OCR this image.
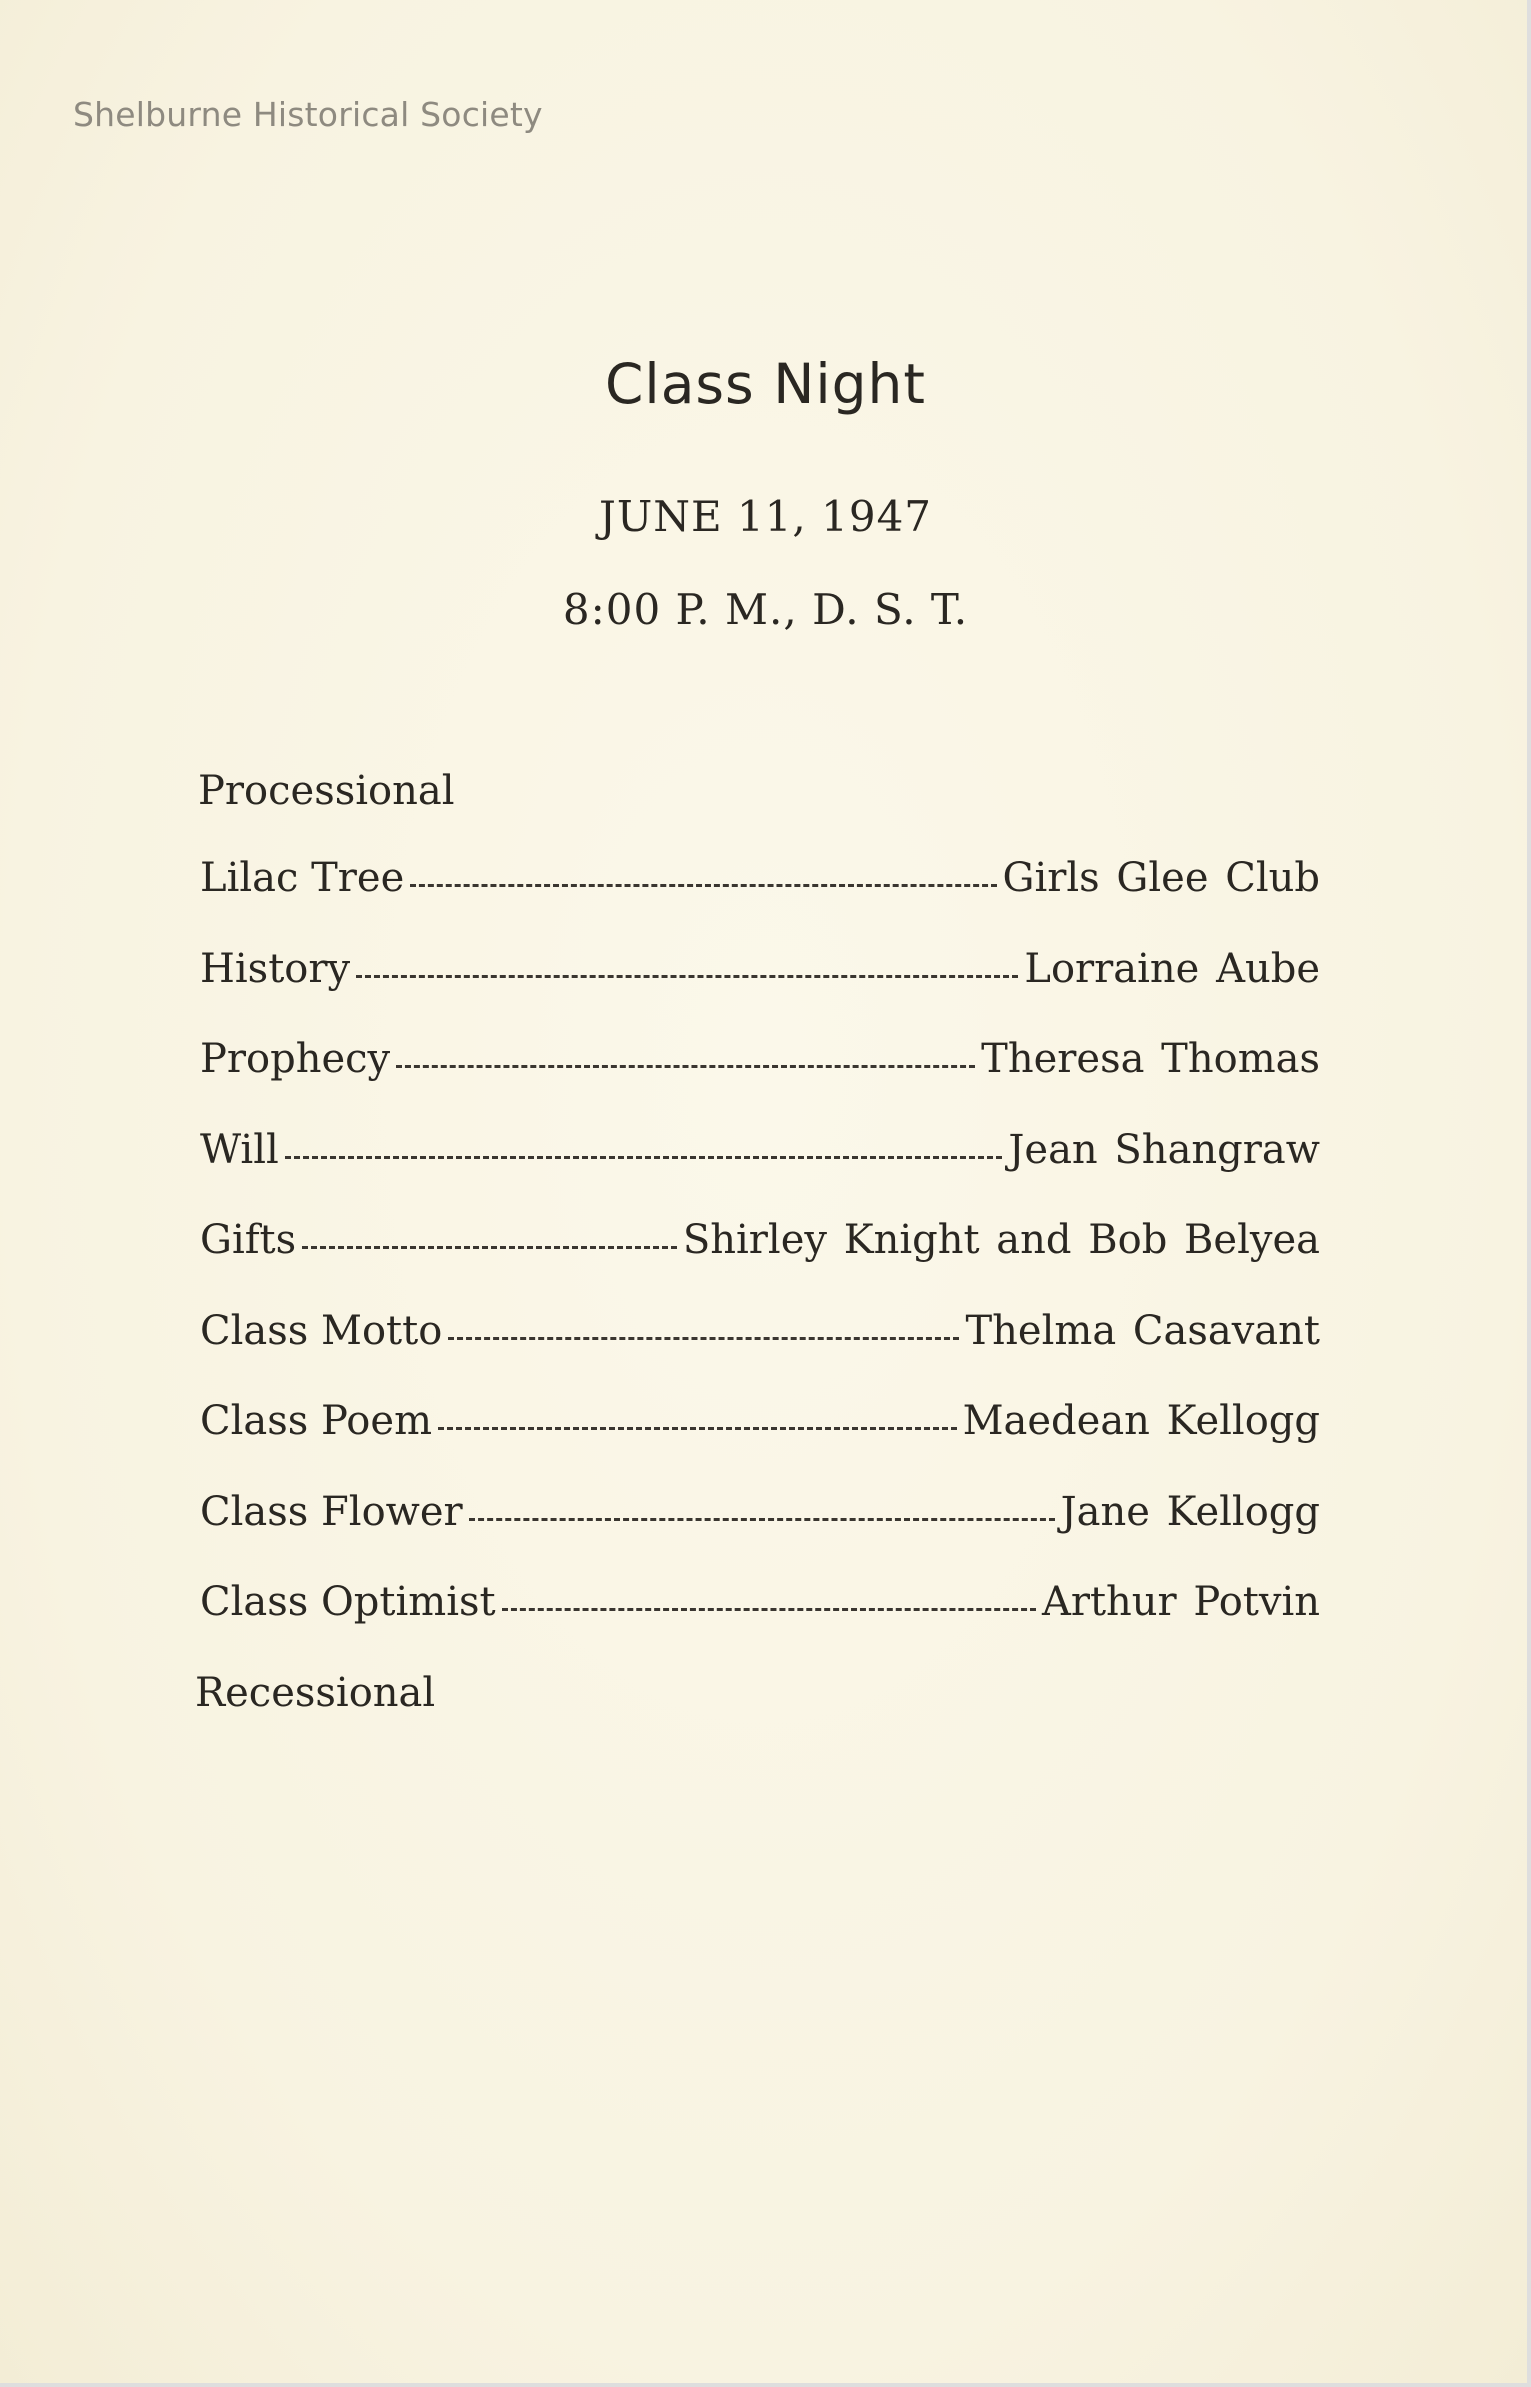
Shelburne Historical Society
Class Night
JUNE 11, 1947
8:00 P. M., D. S. T.
Processional
Lilac Tree	Girls Glee Club
History	Lorraine Aube
Prophecy	Theresa Thomas
Will	Jean Shangraw
Gifts	Shirley Knight and Bob Belyea
Class Motto	Thelma Casavant
Class Poem	Maedean Kellogg
Class Flower	Jane Kellogg
Class Optimist	Arthur Potvin
Recessional
